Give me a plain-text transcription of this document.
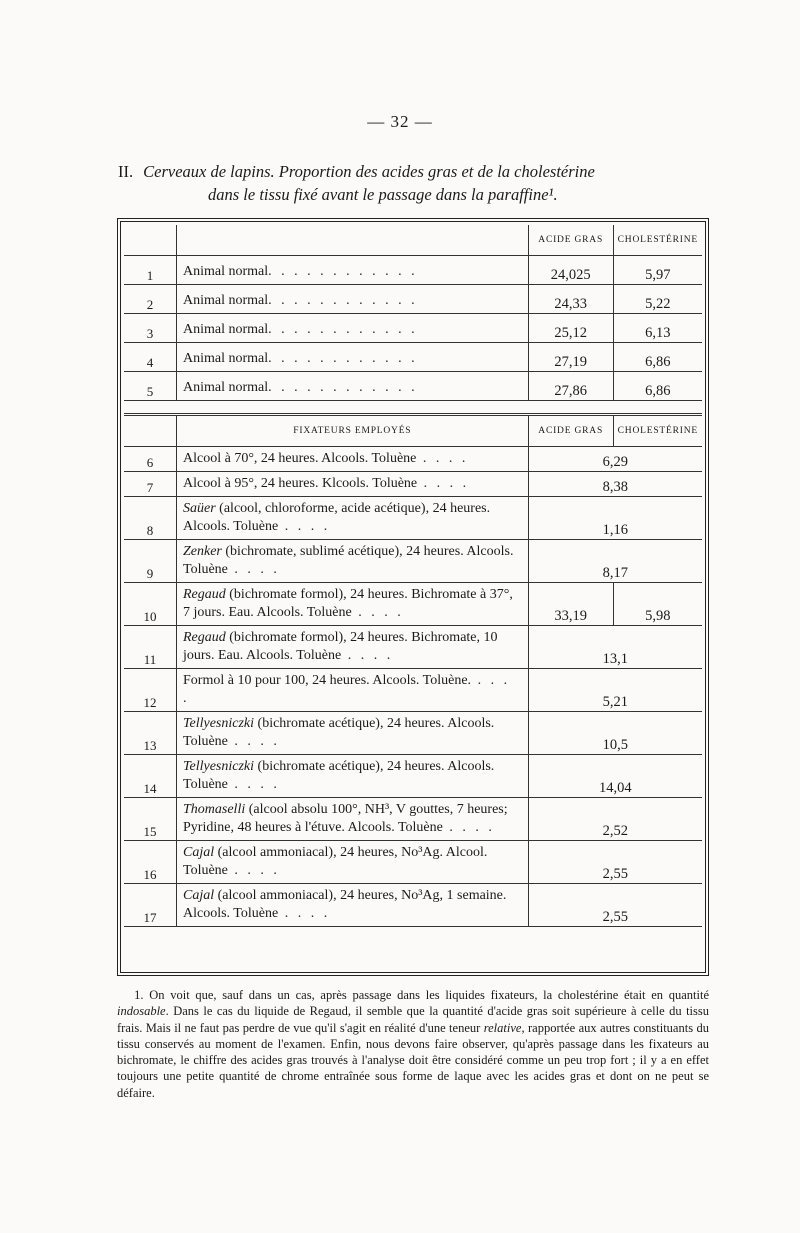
— 32 —
II. Cerveaux de lapins. Proportion des acides gras et de la cholestérine
dans le tissu fixé avant le passage dans la paraffine¹.
		ACIDE GRAS	CHOLESTÉRINE
1	Animal normal. . . . . . . . . . . .	24,025	5,97
2	Animal normal. . . . . . . . . . . .	24,33	5,22
3	Animal normal. . . . . . . . . . . .	25,12	6,13
4	Animal normal. . . . . . . . . . . .	27,19	6,86
5	Animal normal. . . . . . . . . . . .	27,86	6,86

	FIXATEURS EMPLOYÉS	ACIDE GRAS	CHOLESTÉRINE
6	Alcool à 70°, 24 heures. Alcools. Toluène . . . .	6,29	
7	Alcool à 95°, 24 heures. Klcools. Toluène . . . .	8,38	
8	Saüer (alcool, chloroforme, acide acétique), 24 heures. Alcools. Toluène . . . .	1,16	
9	Zenker (bichromate, sublimé acétique), 24 heures. Alcools. Toluène . . . .	8,17	
10	Regaud (bichromate formol), 24 heures. Bichromate à 37°, 7 jours. Eau. Alcools. Toluène . . . .	33,19	5,98
11	Regaud (bichromate formol), 24 heures. Bichromate, 10 jours. Eau. Alcools. Toluène . . . .	13,1	
12	Formol à 10 pour 100, 24 heures. Alcools. Toluène. . . . .	5,21	
13	Tellyesniczki (bichromate acétique), 24 heures. Alcools. Toluène . . . .	10,5	
14	Tellyesniczki (bichromate acétique), 24 heures. Alcools. Toluène . . . .	14,04	
15	Thomaselli (alcool absolu 100°, NH³, V gouttes, 7 heures; Pyridine, 48 heures à l'étuve. Alcools. Toluène . . . .	2,52	
16	Cajal (alcool ammoniacal), 24 heures, No³Ag. Alcool. Toluène . . . .	2,55	
17	Cajal (alcool ammoniacal), 24 heures, No³Ag, 1 semaine. Alcools. Toluène . . . .	2,55	
1. On voit que, sauf dans un cas, après passage dans les liquides fixateurs, la cholestérine était en quantité indosable. Dans le cas du liquide de Regaud, il semble que la quantité d'acide gras soit supérieure à celle du tissu frais. Mais il ne faut pas perdre de vue qu'il s'agit en réalité d'une teneur relative, rapportée aux autres constituants du tissu conservés au moment de l'examen. Enfin, nous devons faire observer, qu'après passage dans les fixateurs au bichromate, le chiffre des acides gras trouvés à l'analyse doit être considéré comme un peu trop fort ; il y a en effet toujours une petite quantité de chrome entraînée sous forme de laque avec les acides gras et dont on ne peut se défaire.
